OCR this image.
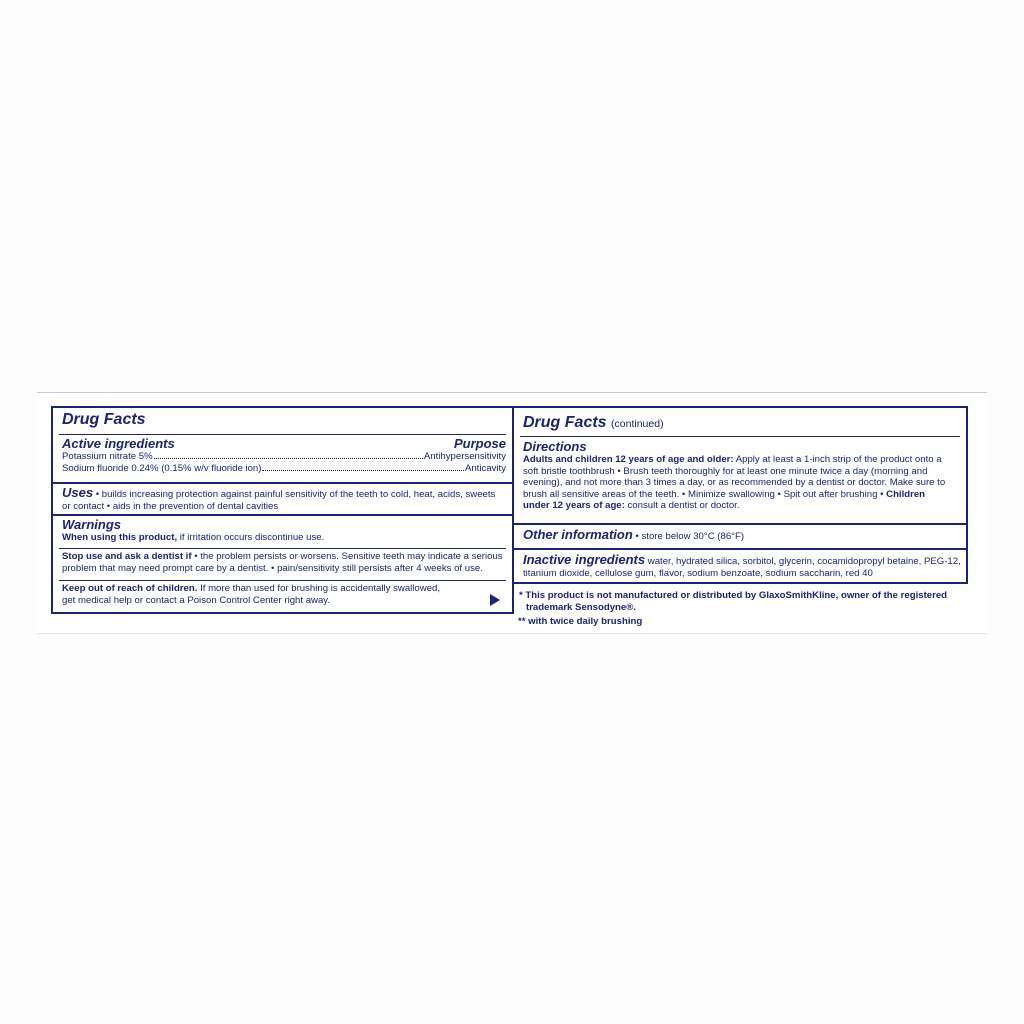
Drug Facts
Active ingredients	Purpose
Potassium nitrate 5%	Antihypersensitivity
Sodium fluoride 0.24% (0.15% w/v fluoride ion)	Anticavity
Uses • builds increasing protection against painful sensitivity of the teeth to cold, heat, acids, sweets
or contact • aids in the prevention of dental cavities
Warnings
When using this product, if irritation occurs discontinue use.
Stop use and ask a dentist if • the problem persists or worsens. Sensitive teeth may indicate a serious
problem that may need prompt care by a dentist. • pain/sensitivity still persists after 4 weeks of use.
Keep out of reach of children. If more than used for brushing is accidentally swallowed,
get medical help or contact a Poison Control Center right away.
Drug Facts (continued)
Directions
Adults and children 12 years of age and older: Apply at least a 1-inch strip of the product onto a
soft bristle toothbrush • Brush teeth thoroughly for at least one minute twice a day (morning and
evening), and not more than 3 times a day, or as recommended by a dentist or doctor. Make sure to
brush all sensitive areas of the teeth. • Minimize swallowing • Spit out after brushing • Children
under 12 years of age: consult a dentist or doctor.
Other information • store below 30°C (86°F)
Inactive ingredients water, hydrated silica, sorbitol, glycerin, cocamidopropyl betaine, PEG-12,
titanium dioxide, cellulose gum, flavor, sodium benzoate, sodium saccharin, red 40
* This product is not manufactured or distributed by GlaxoSmithKline, owner of the registered
trademark Sensodyne®.
** with twice daily brushing
